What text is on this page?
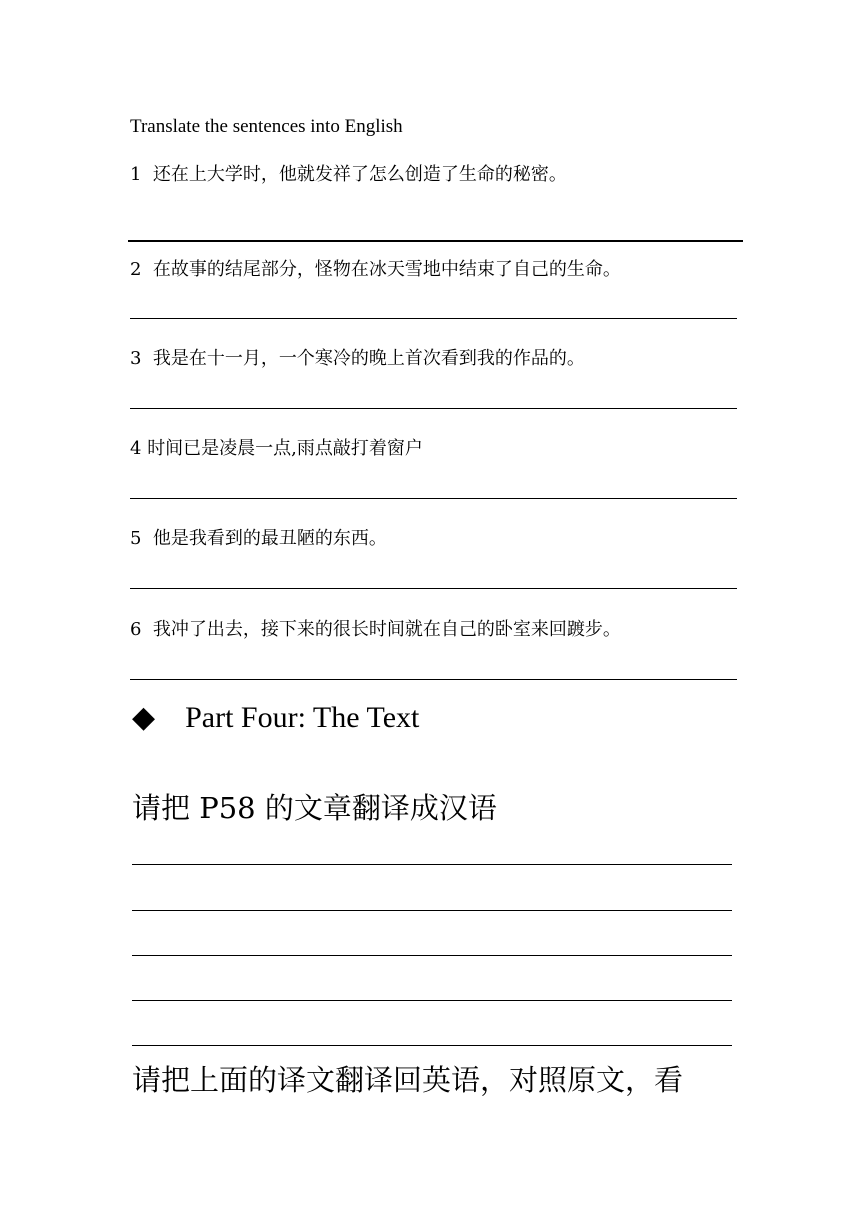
Translate the sentences into English
1 还在上大学时，他就发祥了怎么创造了生命的秘密。
2 在故事的结尾部分，怪物在冰天雪地中结束了自己的生命。
3 我是在十一月，一个寒冷的晚上首次看到我的作品的。
4 时间已是凌晨一点,雨点敲打着窗户
5 他是我看到的最丑陋的东西。
6 我冲了出去，接下来的很长时间就在自己的卧室来回踱步。
◆ Part Four: The Text
请把 P58 的文章翻译成汉语
请把上面的译文翻译回英语，对照原文，看
